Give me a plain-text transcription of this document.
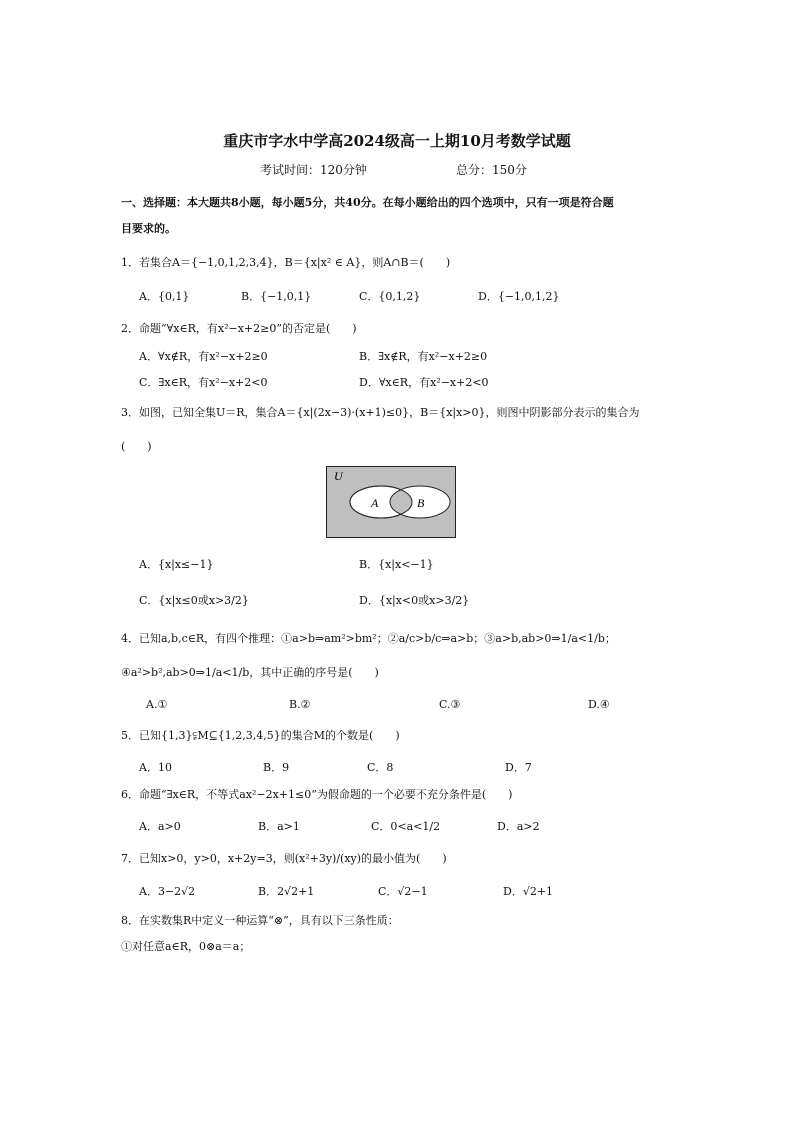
重庆市字水中学高2024级高一上期10月考数学试题
考试时间：120分钟	总分：150分
一、选择题：本大题共8小题，每小题5分，共40分。在每小题给出的四个选项中，只有一项是符合题
目要求的。
1．若集合A＝{−1,0,1,2,3,4}，B＝{x|x² ∈ A}，则A∩B＝(　　)
A．{0,1}	B．{−1,0,1}	C．{0,1,2}	D．{−1,0,1,2}
2．命题“∀x∈R，有x²−x+2≥0”的否定是(　　)
A．∀x∉R，有x²−x+2≥0	B．∃x∉R，有x²−x+2≥0
C．∃x∈R，有x²−x+2<0	D．∀x∈R，有x²−x+2<0
3．如图，已知全集U＝R，集合A＝{x|(2x−3)·(x+1)≤0}，B＝{x|x>0}，则图中阴影部分表示的集合为
(　　)
U
A	B
A．{x|x≤−1}	B．{x|x<−1}
C．{x|x≤0或x>3/2}	D．{x|x<0或x>3/2}
4．已知a,b,c∈R，有四个推理：①a>b⇒am²>bm²；②a/c>b/c⇒a>b；③a>b,ab>0⇒1/a<1/b；
④a²>b²,ab>0⇒1/a<1/b，其中正确的序号是(　　)
A.①	B.②	C.③	D.④
5．已知{1,3}⫋M⊆{1,2,3,4,5}的集合M的个数是(　　)
A．10	B．9	C．8	D．7
6．命题“∃x∈R，不等式ax²−2x+1≤0”为假命题的一个必要不充分条件是(　　)
A．a>0	B．a>1	C．0<a<1/2	D．a>2
7．已知x>0，y>0，x+2y=3，则(x²+3y)/(xy)的最小值为(　　)
A．3−2√2	B．2√2+1	C．√2−1	D．√2+1
8．在实数集R中定义一种运算“⊗”，具有以下三条性质：
①对任意a∈R，0⊗a＝a；
